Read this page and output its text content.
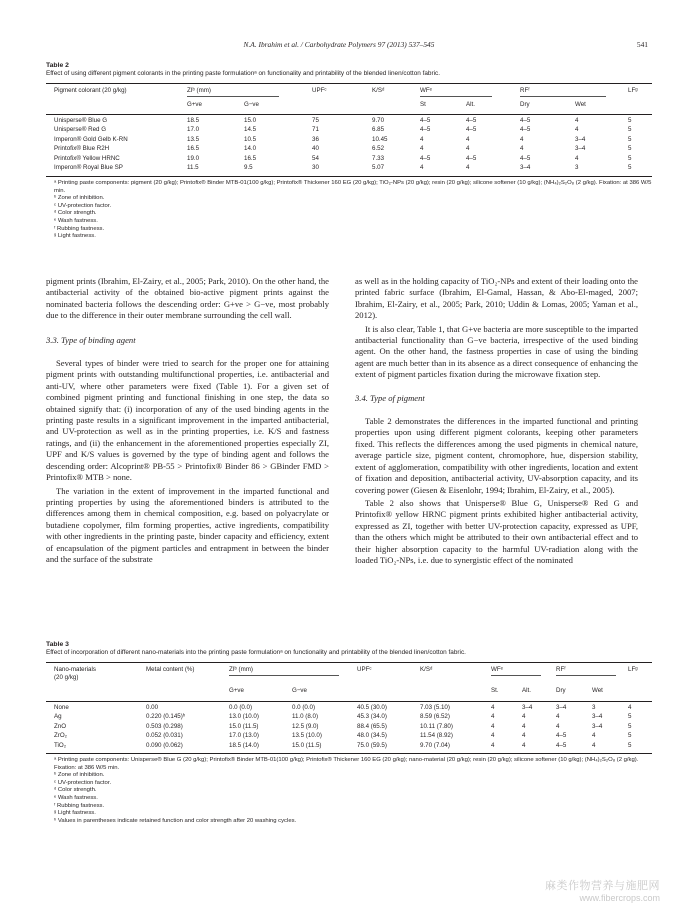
N.A. Ibrahim et al. / Carbohydrate Polymers 97 (2013) 537–545	541
Table 2
Effect of using different pigment colorants in the printing paste formulationᵃ on functionality and printability of the blended linen/cotton fabric.
Pigment colorant (20 g/kg)	ZIᵇ (mm)	UPFᶜ	K/Sᵈ	WFᵉ	RFᶠ	LFᵍ
G+ve	G−ve	St	Alt.	Dry	Wet
Unisperse® Blue G	18.5	15.0	75	9.70	4–5	4–5	4–5	4	5
Unisperse® Red G	17.0	14.5	71	6.85	4–5	4–5	4–5	4	5
Imperon® Gold Gelb K-RN	13.5	10.5	36	10.45	4	4	4	3–4	5
Printofix® Blue R2H	16.5	14.0	40	6.52	4	4	4	3–4	5
Printofix® Yellow HRNC	19.0	16.5	54	7.33	4–5	4–5	4–5	4	5
Imperon® Royal Blue SP	11.5	9.5	30	5.07	4	4	3–4	3	5
ᵃ Printing paste components: pigment (20 g/kg); Printofix® Binder MTB-01(100 g/kg); Printofix® Thickener 160 EG (20 g/kg); TiO₂-NPs (20 g/kg); resin (20 g/kg); silicone softener (10 g/kg); (NH₄)₂S₂O₈ (2 g/kg). Fixation: at 386 W/5 min.
ᵇ Zone of inhibition.
ᶜ UV-protection factor.
ᵈ Color strength.
ᵉ Wash fastness.
ᶠ Rubbing fastness.
ᵍ Light fastness.

pigment prints (Ibrahim, El-Zairy, et al., 2005; Park, 2010). On the other hand, the antibacterial activity of the obtained bio-active pigment prints against the nominated bacteria follows the descending order: G+ve > G−ve, most probably due to the difference in their outer membrane surrounding the cell wall.

3.3. Type of binding agent

Several types of binder were tried to search for the proper one for attaining pigment prints with outstanding multifunctional properties, i.e. antibacterial and anti-UV, where other parameters were fixed (Table 1). For a given set of combined pigment printing and functional finishing in one step, the data so obtained signify that: (i) incorporation of any of the used binding agents in the printing paste results in a significant improvement in the imparted antibacterial, and UV-protection as well as in the printing properties, i.e. K/S and fastness ratings, and (ii) the enhancement in the aforementioned properties especially ZI, UPF and K/S values is governed by the type of binding agent and follows the descending order: Alcoprint® PB-55 > Printofix® Binder 86 > GBinder FMD > Printofix® MTB > none.

The variation in the extent of improvement in the imparted functional and printing properties by using the aforementioned binders is attributed to the differences among them in chemical composition, e.g. based on polyacrylate or butadiene copolymer, film forming properties, active ingredients, compatibility with other ingredients in the printing paste, binder capacity and efficiency, extent of encapsulation of the pigment particles and entrapment in between the binder and the surface of the substrate

as well as in the holding capacity of TiO₂-NPs and extent of their loading onto the printed fabric surface (Ibrahim, El-Gamal, Hassan, & Abo-El-maged, 2007; Ibrahim, El-Zairy, et al., 2005; Park, 2010; Uddin & Lomas, 2005; Yaman et al., 2012).

It is also clear, Table 1, that G+ve bacteria are more susceptible to the imparted antibacterial functionality than G−ve bacteria, irrespective of the used binding agent. On the other hand, the fastness properties in case of using the binding agent are much better than in its absence as a direct consequence of enhancing the extent of pigment particles fixation during the microwave fixation step.

3.4. Type of pigment

Table 2 demonstrates the differences in the imparted functional and printing properties upon using different pigment colorants, keeping other parameters fixed. This reflects the differences among the used pigments in chemical nature, average particle size, pigment content, chromophore, hue, dispersion stability, extent of agglomeration, compatibility with other ingredients, location and extent of fixation and deposition, antibacterial activity, UV-absorption capacity, and its covering power (Giesen & Eisenlohr, 1994; Ibrahim, El-Zairy, et al., 2005).

Table 2 also shows that Unisperse® Blue G, Unisperse® Red G and Printofix® yellow HRNC pigment prints exhibited higher antibacterial activity, expressed as ZI, together with better UV-protection capacity, expressed as UPF, than the others which might be attributed to their own antibacterial effect and to their higher absorption capacity to the harmful UV-radiation along with the loaded TiO₂-NPs, i.e. due to synergistic effect of the nominated

Table 3
Effect of incorporation of different nano-materials into the printing paste formulationᵃ on functionality and printability of the blended linen/cotton fabric.
Nano-materials
(20 g/kg)
Metal content (%)	ZIᵇ (mm)	UPFᶜ	K/Sᵈ	WFᵉ	RFᶠ	LFᵍ
G+ve	G−ve	St.	Alt.	Dry	Wet
None	0.00	0.0 (0.0)	0.0 (0.0)	40.5 (30.0)	7.03 (5.10)	4	3–4	3–4	3	4
Ag	0.220 (0.145)ʰ	13.0 (10.0)	11.0 (8.0)	45.3 (34.0)	8.59 (6.52)	4	4	4	3–4	5
ZnO	0.503 (0.298)	15.0 (11.5)	12.5 (9.0)	88.4 (65.5)	10.11 (7.80)	4	4	4	3–4	5
ZrO₂	0.052 (0.031)	17.0 (13.0)	13.5 (10.0)	48.0 (34.5)	11.54 (8.92)	4	4	4–5	4	5
TiO₂	0.090 (0.062)	18.5 (14.0)	15.0 (11.5)	75.0 (59.5)	9.70 (7.04)	4	4	4–5	4	5
ᵃ Printing paste components: Unisperse® Blue G (20 g/kg); Printofix® Binder MTB-01(100 g/kg); Printofix® Thickener 160 EG (20 g/kg); nano-material (20 g/kg); resin (20 g/kg); silicone softener (10 g/kg); (NH₄)₂S₂O₈ (2 g/kg). Fixation: at 386 W/5 min.
ᵇ Zone of inhibition.
ᶜ UV-protection factor.
ᵈ Color strength.
ᵉ Wash fastness.
ᶠ Rubbing fastness.
ᵍ Light fastness.
ʰ Values in parentheses indicate retained function and color strength after 20 washing cycles.
麻类作物营养与施肥网
www.fibercrops.com
